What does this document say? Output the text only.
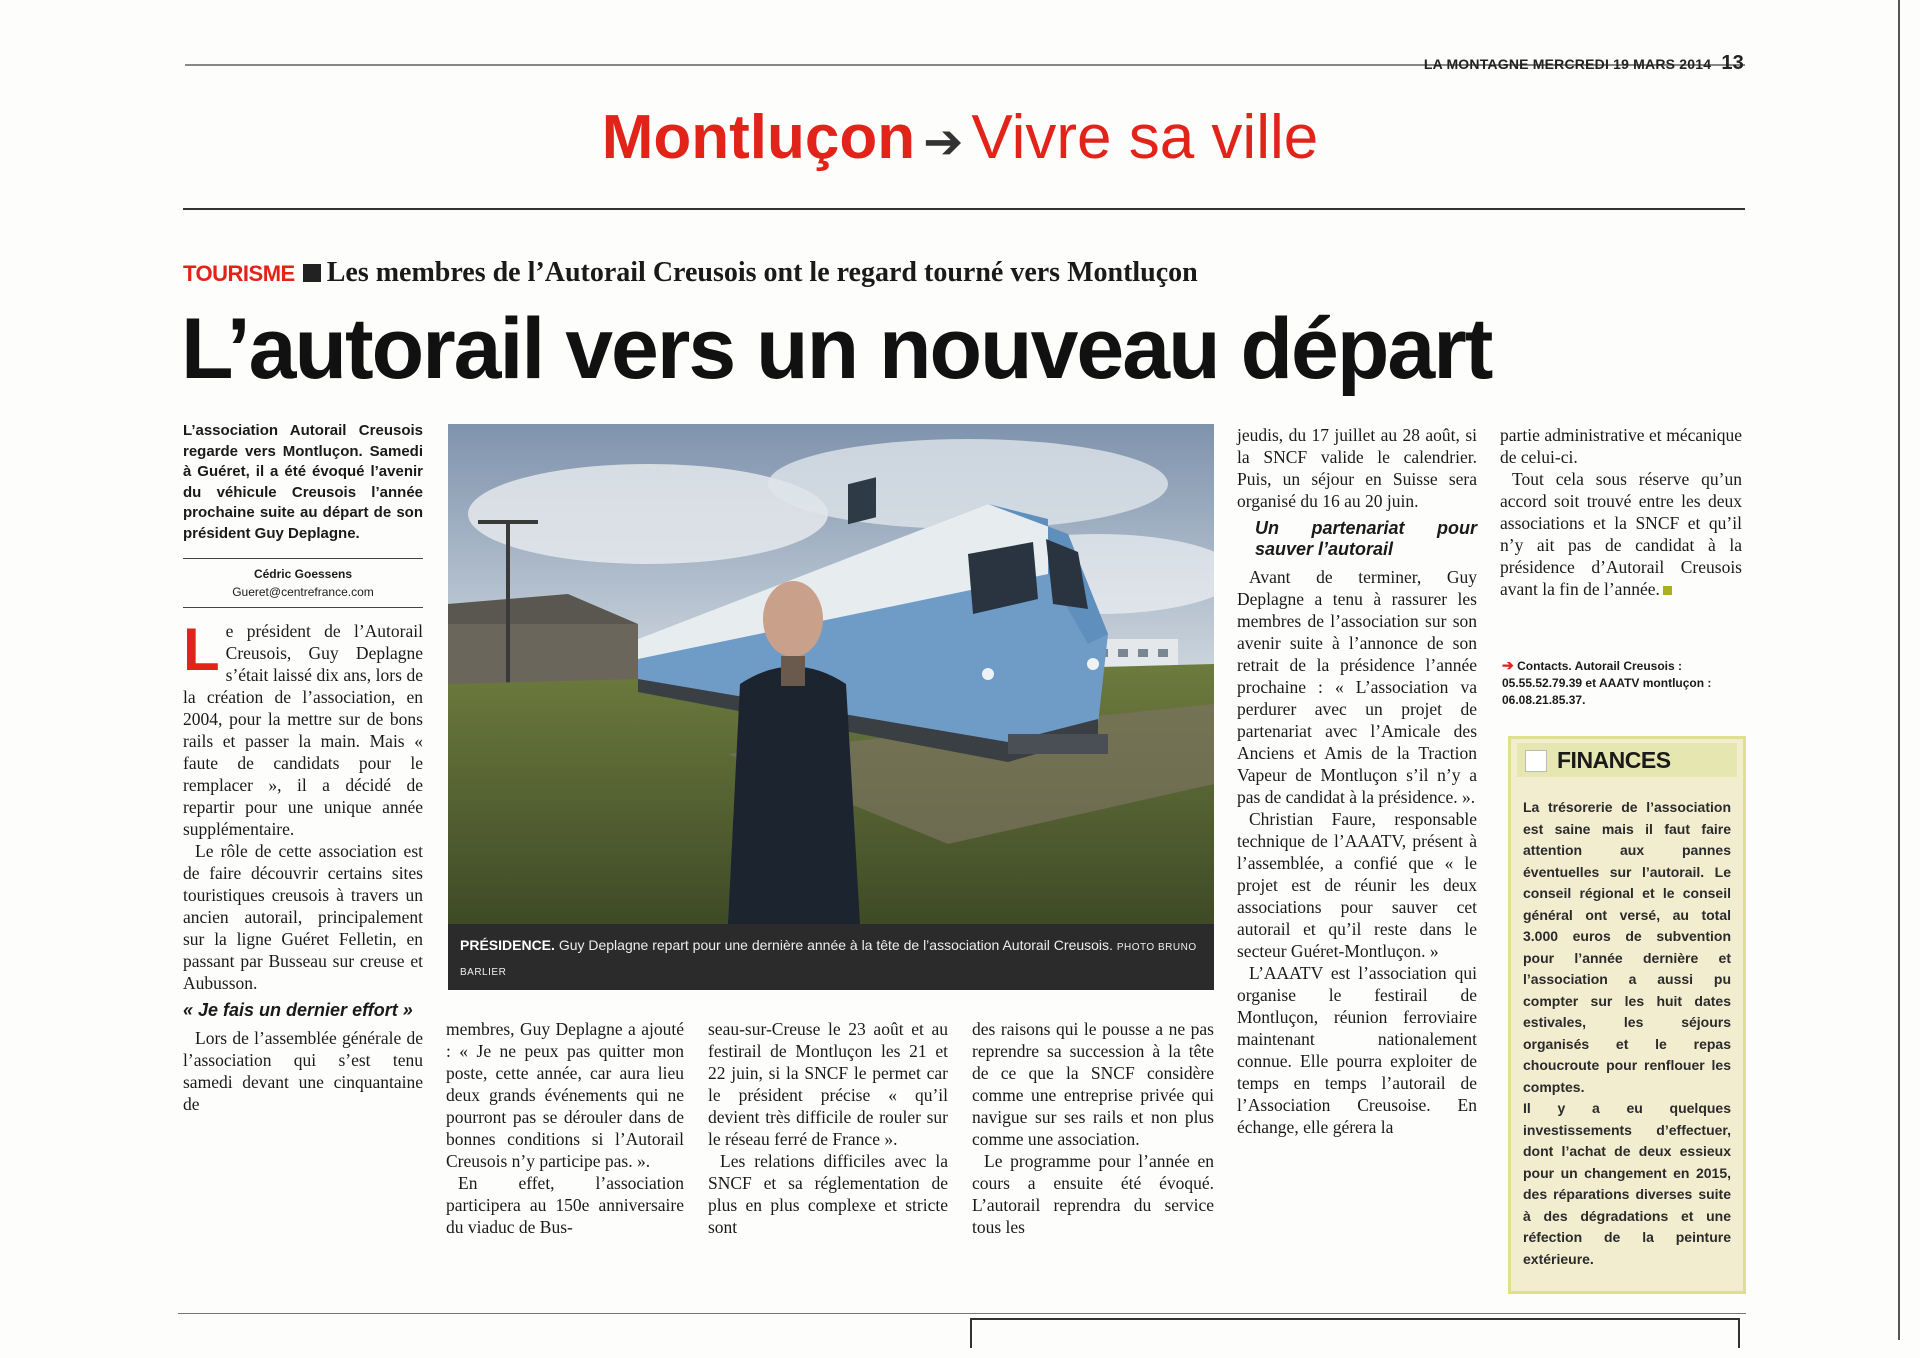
LA MONTAGNE MERCREDI 19 MARS 2014 13
Montluçon ➔ Vivre sa ville
TOURISME Les membres de l’Autorail Creusois ont le regard tourné vers Montluçon
L’autorail vers un nouveau départ
L’association Autorail Creusois regarde vers Montluçon. Samedi à Guéret, il a été évoqué l’avenir du véhicule Creusois l’année prochaine suite au départ de son président Guy Deplagne.
Cédric Goessens
Gueret@centrefrance.com
L e président de l’Autorail Creusois, Guy Deplagne s’était laissé dix ans, lors de la création de l’association, en 2004, pour la mettre sur de bons rails et passer la main. Mais « faute de candidats pour le remplacer », il a décidé de repartir pour une unique année supplémentaire.

Le rôle de cette association est de faire découvrir certains sites touristiques creusois à travers un ancien autorail, principalement sur la ligne Guéret Felletin, en passant par Busseau sur creuse et Aubusson.

« Je fais un dernier effort »

Lors de l’assemblée générale de l’association qui s’est tenu samedi devant une cinquantaine de

PRÉSIDENCE. Guy Deplagne repart pour une dernière année à la tête de l’association Autorail Creusois. PHOTO BRUNO BARLIER

membres, Guy Deplagne a ajouté : « Je ne peux pas quitter mon poste, cette année, car aura lieu deux grands événements qui ne pourront pas se dérouler dans de bonnes conditions si l’Autorail Creusois n’y participe pas. ».

En effet, l’association participera au 150e anniversaire du viaduc de Bus-

seau-sur-Creuse le 23 août et au festirail de Montluçon les 21 et 22 juin, si la SNCF le permet car le président précise « qu’il devient très difficile de rouler sur le réseau ferré de France ».

Les relations difficiles avec la SNCF et sa réglementation de plus en plus complexe et stricte sont

des raisons qui le pousse a ne pas reprendre sa succession à la tête de ce que la SNCF considère comme une entreprise privée qui navigue sur ses rails et non plus comme une association.

Le programme pour l’année en cours a ensuite été évoqué. L’autorail reprendra du service tous les

jeudis, du 17 juillet au 28 août, si la SNCF valide le calendrier. Puis, un séjour en Suisse sera organisé du 16 au 20 juin.

Un partenariat pour sauver l’autorail

Avant de terminer, Guy Deplagne a tenu à rassurer les membres de l’association sur son avenir suite à l’annonce de son retrait de la présidence l’année prochaine : « L’association va perdurer avec un projet de partenariat avec l’Amicale des Anciens et Amis de la Traction Vapeur de Montluçon s’il n’y a pas de candidat à la présidence. ».

Christian Faure, responsable technique de l’AAATV, présent à l’assemblée, a confié que « le projet est de réunir les deux associations pour sauver cet autorail et qu’il reste dans le secteur Guéret-Montluçon. »

L’AAATV est l’association qui organise le festirail de Montluçon, réunion ferroviaire maintenant nationalement connue. Elle pourra exploiter de temps en temps l’autorail de l’Association Creusoise. En échange, elle gérera la

partie administrative et mécanique de celui-ci.

Tout cela sous réserve qu’un accord soit trouvé entre les deux associations et la SNCF et qu’il n’y ait pas de candidat à la présidence d’Autorail Creusois avant la fin de l’année.

➔ Contacts. Autorail Creusois : 05.55.52.79.39 et AAATV montluçon : 06.08.21.85.37.
FINANCES

La trésorerie de l’association est saine mais il faut faire attention aux pannes éventuelles sur l’autorail. Le conseil régional et le conseil général ont versé, au total 3.000 euros de subvention pour l’année dernière et l’association a aussi pu compter sur les huit dates estivales, les séjours organisés et le repas choucroute pour renflouer les comptes.

Il y a eu quelques investissements d’effectuer, dont l’achat de deux essieux pour un changement en 2015, des réparations diverses suite à des dégradations et une réfection de la peinture extérieure.
